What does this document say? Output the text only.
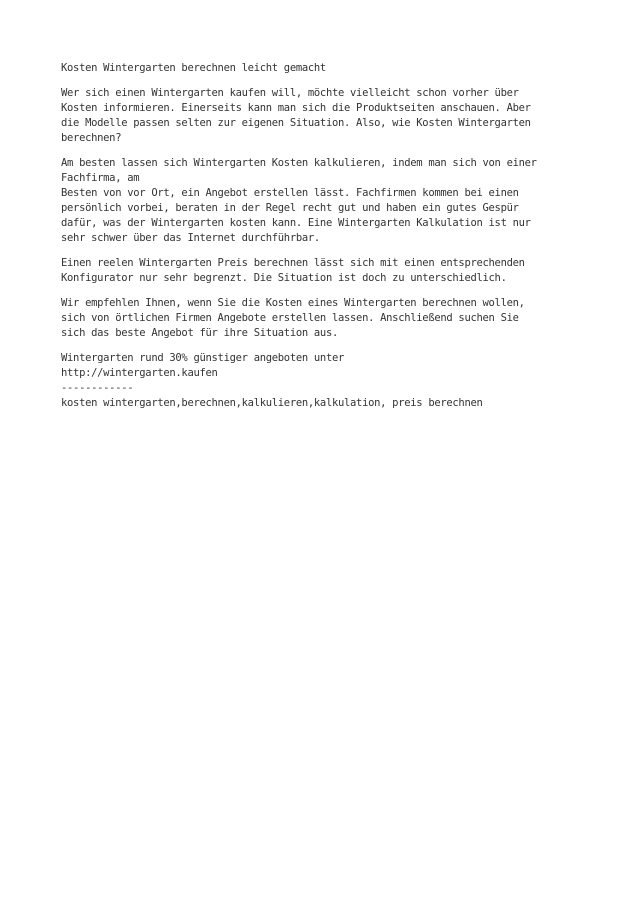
Kosten Wintergarten berechnen leicht gemacht
Wer sich einen Wintergarten kaufen will, möchte vielleicht schon vorher über
Kosten informieren. Einerseits kann man sich die Produktseiten anschauen. Aber
die Modelle passen selten zur eigenen Situation. Also, wie Kosten Wintergarten
berechnen?
Am besten lassen sich Wintergarten Kosten kalkulieren, indem man sich von einer
Fachfirma, am
Besten von vor Ort, ein Angebot erstellen lässt. Fachfirmen kommen bei einen
persönlich vorbei, beraten in der Regel recht gut und haben ein gutes Gespür
dafür, was der Wintergarten kosten kann. Eine Wintergarten Kalkulation ist nur
sehr schwer über das Internet durchführbar.
Einen reelen Wintergarten Preis berechnen lässt sich mit einen entsprechenden
Konfigurator nur sehr begrenzt. Die Situation ist doch zu unterschiedlich.
Wir empfehlen Ihnen, wenn Sie die Kosten eines Wintergarten berechnen wollen,
sich von örtlichen Firmen Angebote erstellen lassen. Anschließend suchen Sie
sich das beste Angebot für ihre Situation aus.
Wintergarten rund 30% günstiger angeboten unter
http://wintergarten.kaufen
------------
kosten wintergarten,berechnen,kalkulieren,kalkulation, preis berechnen
